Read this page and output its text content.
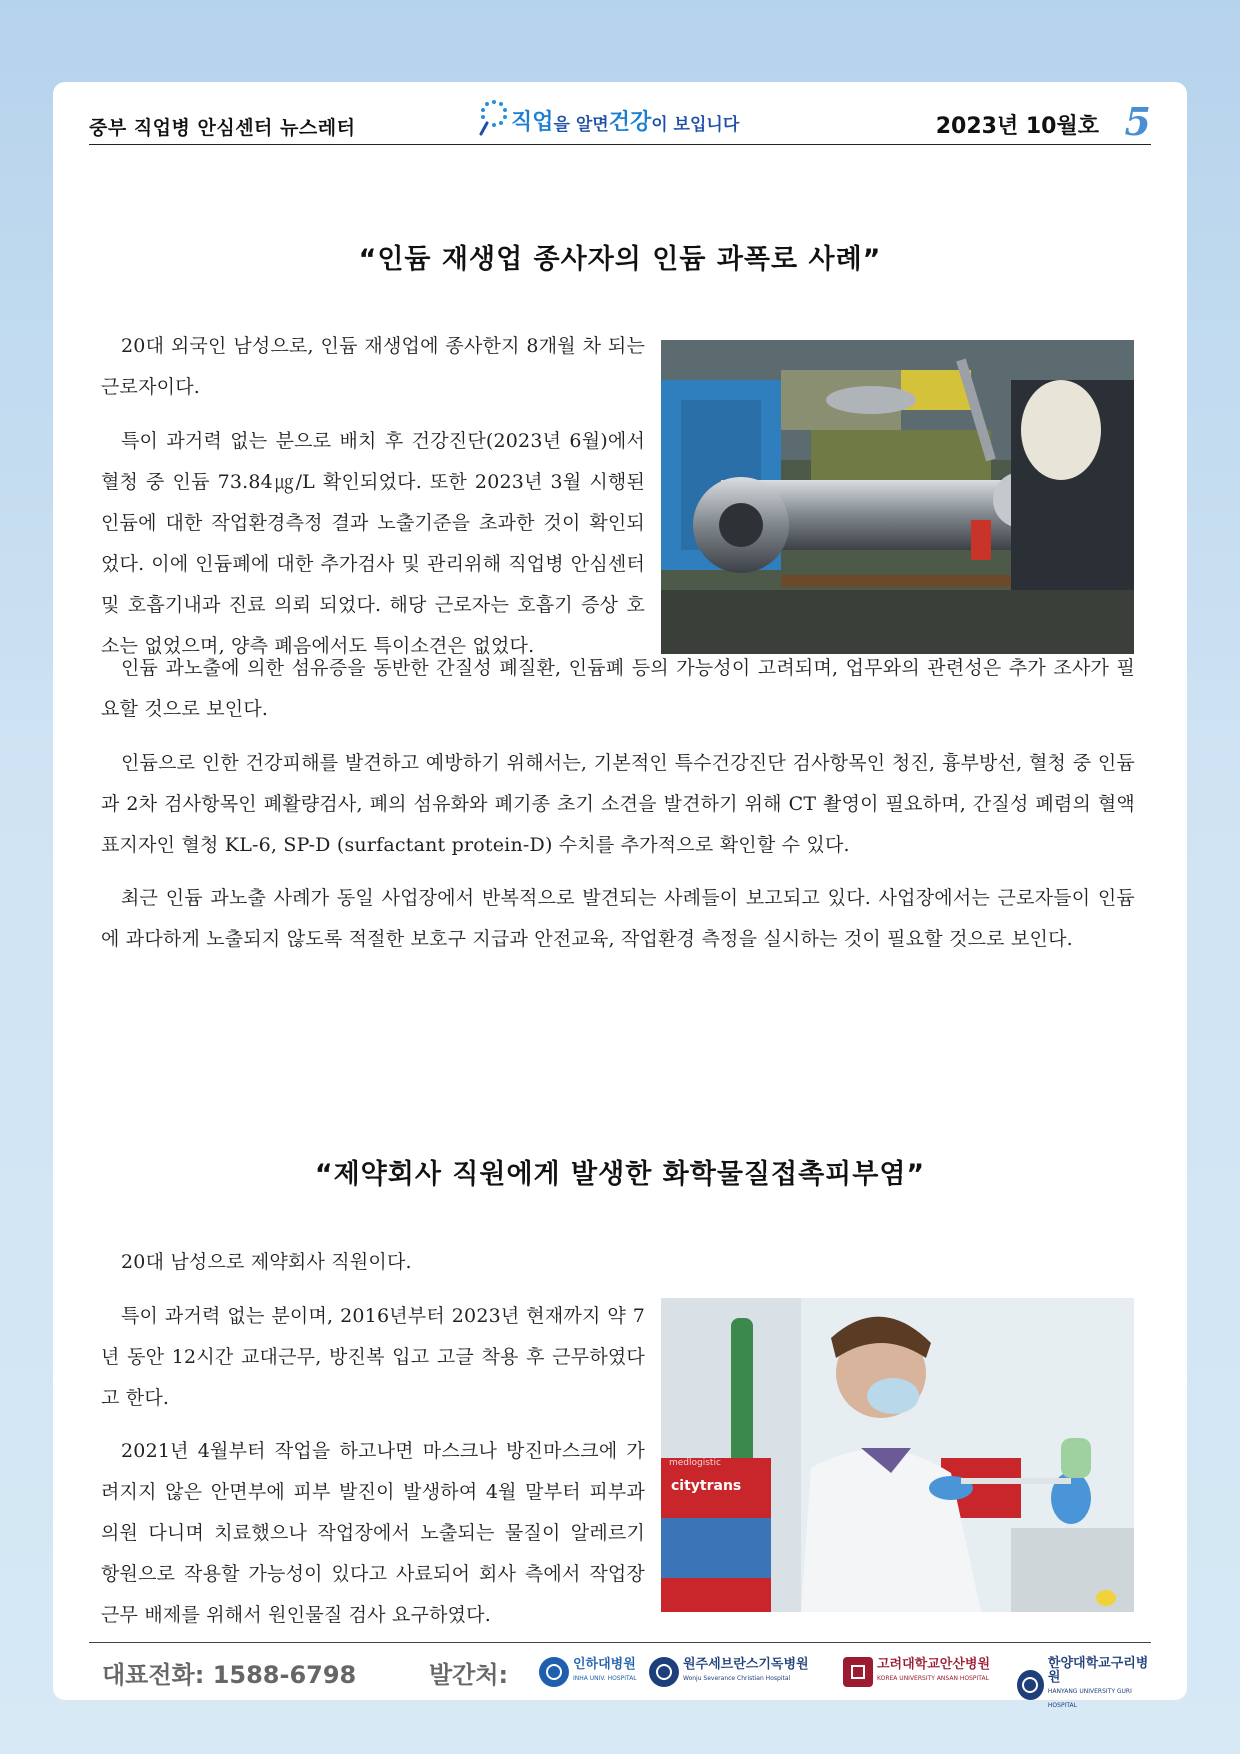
중부 직업병 안심센터 뉴스레터	직업 을 알면 건강 이 보입니다	2023년 10월호 5
“인듐 재생업 종사자의 인듐 과폭로 사례”

20대 외국인 남성으로, 인듐 재생업에 종사한지 8개월 차 되는 근로자이다.

특이 과거력 없는 분으로 배치 후 건강진단(2023년 6월)에서 혈청 중 인듐 73.84㎍/L 확인되었다. 또한 2023년 3월 시행된 인듐에 대한 작업환경측정 결과 노출기준을 초과한 것이 확인되었다. 이에 인듐폐에 대한 추가검사 및 관리위해 직업병 안심센터 및 호흡기내과 진료 의뢰 되었다. 해당 근로자는 호흡기 증상 호소는 없었으며, 양측 폐음에서도 특이소견은 없었다.

인듐 과노출에 의한 섬유증을 동반한 간질성 폐질환, 인듐폐 등의 가능성이 고려되며, 업무와의 관련성은 추가 조사가 필요할 것으로 보인다.

인듐으로 인한 건강피해를 발견하고 예방하기 위해서는, 기본적인 특수건강진단 검사항목인 청진, 흉부방선, 혈청 중 인듐과 2차 검사항목인 폐활량검사, 폐의 섬유화와 폐기종 초기 소견을 발견하기 위해 CT 촬영이 필요하며, 간질성 폐렴의 혈액 표지자인 혈청 KL-6, SP-D (surfactant protein-D) 수치를 추가적으로 확인할 수 있다.

최근 인듐 과노출 사례가 동일 사업장에서 반복적으로 발견되는 사례들이 보고되고 있다. 사업장에서는 근로자들이 인듐에 과다하게 노출되지 않도록 적절한 보호구 지급과 안전교육, 작업환경 측정을 실시하는 것이 필요할 것으로 보인다.

“제약회사 직원에게 발생한 화학물질접촉피부염”

20대 남성으로 제약회사 직원이다.

특이 과거력 없는 분이며, 2016년부터 2023년 현재까지 약 7년 동안 12시간 교대근무, 방진복 입고 고글 착용 후 근무하였다고 한다.

2021년 4월부터 작업을 하고나면 마스크나 방진마스크에 가려지지 않은 안면부에 피부 발진이 발생하여 4월 말부터 피부과의원 다니며 치료했으나 작업장에서 노출되는 물질이 알레르기 항원으로 작용할 가능성이 있다고 사료되어 회사 측에서 작업장 근무 배제를 위해서 원인물질 검사 요구하였다.

citytrans
medlogistic
대표전화: 1588-6798	발간처:	인하대병원
INHA UNIV. HOSPITAL
원주세브란스기독병원
Wonju Severance Christian Hospital
고려대학교안산병원
KOREA UNIVERSITY ANSAN HOSPITAL
한양대학교구리병원
HANYANG UNIVERSITY GURI HOSPITAL
